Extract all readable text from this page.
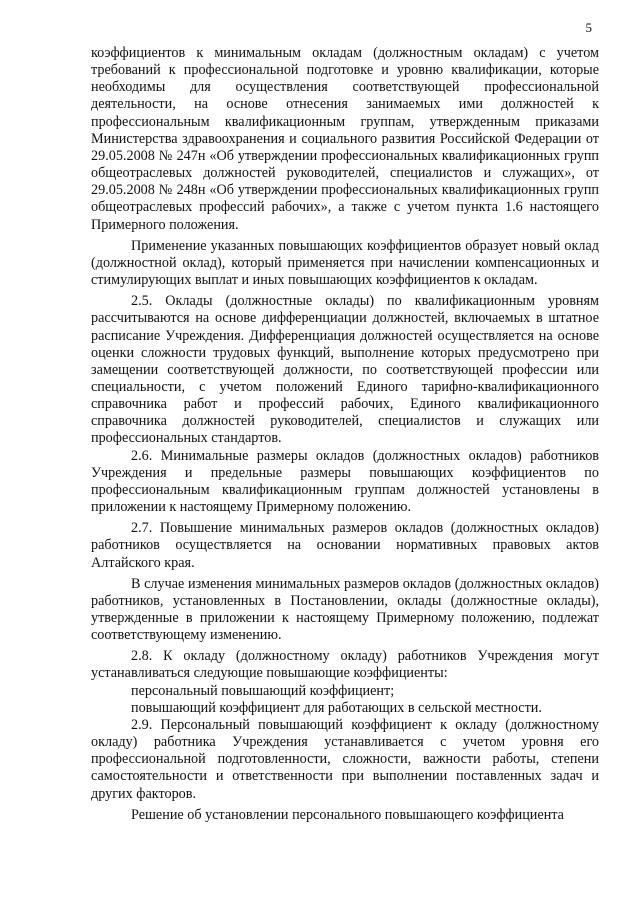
5

коэффициентов к минимальным окладам (должностным окладам) с учетом требований к профессиональной подготовке и уровню квалификации, которые необходимы для осуществления соответствующей профессиональной деятельности, на основе отнесения занимаемых ими должностей к профессиональным квалификационным группам, утвержденным приказами Министерства здравоохранения и социального развития Российской Федерации от 29.05.2008 № 247н «Об утверждении профессиональных квалификационных групп общеотраслевых должностей руководителей, специалистов и служащих», от 29.05.2008 № 248н «Об утверждении профессиональных квалификационных групп общеотраслевых профессий рабочих», а также с учетом пункта 1.6 настоящего Примерного положения.

Применение указанных повышающих коэффициентов образует новый оклад (должностной оклад), который применяется при начислении компенсационных и стимулирующих выплат и иных повышающих коэффициентов к окладам.

2.5. Оклады (должностные оклады) по квалификационным уровням рассчитываются на основе дифференциации должностей, включаемых в штатное расписание Учреждения. Дифференциация должностей осуществляется на основе оценки сложности трудовых функций, выполнение которых предусмотрено при замещении соответствующей должности, по соответствующей профессии или специальности, с учетом положений Единого тарифно-квалификационного справочника работ и профессий рабочих, Единого квалификационного справочника должностей руководителей, специалистов и служащих или профессиональных стандартов.

2.6. Минимальные размеры окладов (должностных окладов) работников Учреждения и предельные размеры повышающих коэффициентов по профессиональным квалификационным группам должностей установлены в приложении к настоящему Примерному положению.

2.7. Повышение минимальных размеров окладов (должностных окладов) работников осуществляется на основании нормативных правовых актов Алтайского края.

В случае изменения минимальных размеров окладов (должностных окладов) работников, установленных в Постановлении, оклады (должностные оклады), утвержденные в приложении к настоящему Примерному положению, подлежат соответствующему изменению.

2.8. К окладу (должностному окладу) работников Учреждения могут устанавливаться следующие повышающие коэффициенты:

персональный повышающий коэффициент;

повышающий коэффициент для работающих в сельской местности.

2.9. Персональный повышающий коэффициент к окладу (должностному окладу) работника Учреждения устанавливается с учетом уровня его профессиональной подготовленности, сложности, важности работы, степени самостоятельности и ответственности при выполнении поставленных задач и других факторов.

Решение об установлении персонального повышающего коэффициента
